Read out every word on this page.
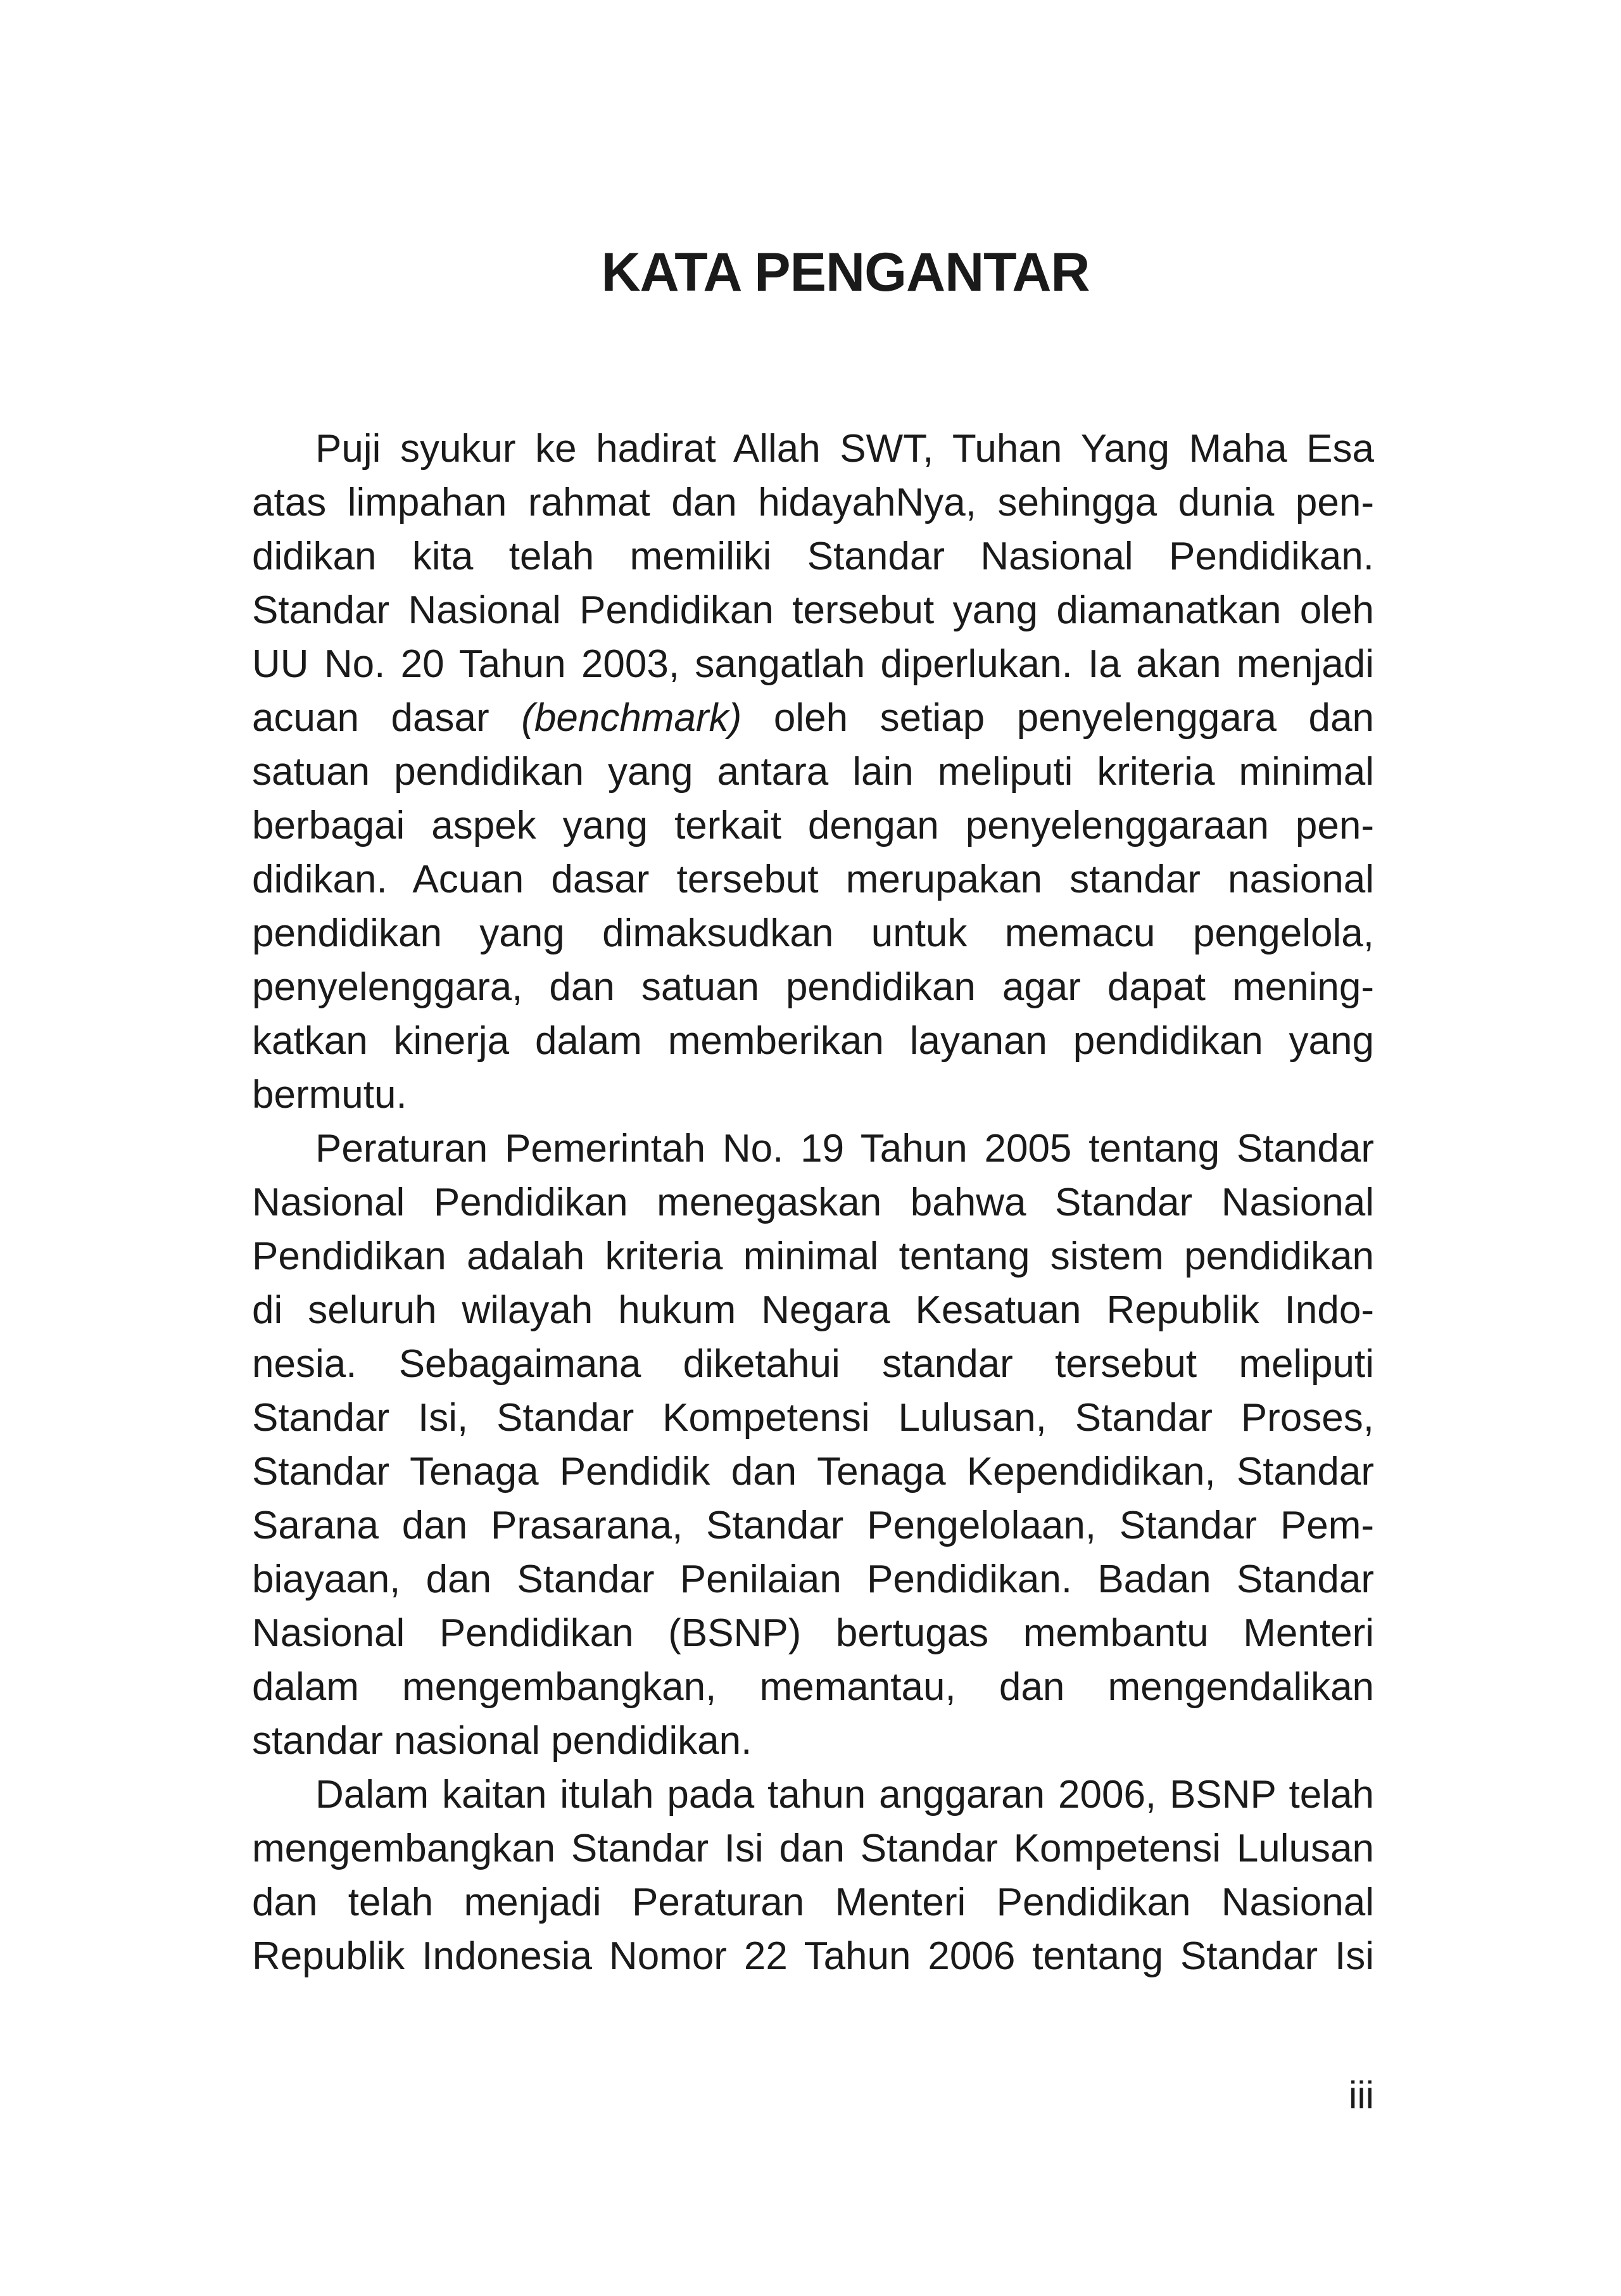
KATA PENGANTAR
Puji syukur ke hadirat Allah SWT, Tuhan Yang Maha Esa
atas limpahan rahmat dan hidayahNya, sehingga dunia pen-
didikan kita telah memiliki Standar Nasional Pendidikan.
Standar Nasional Pendidikan tersebut yang diamanatkan oleh
UU No. 20 Tahun 2003, sangatlah diperlukan. Ia akan menjadi
acuan dasar (benchmark) oleh setiap penyelenggara dan
satuan pendidikan yang antara lain meliputi kriteria minimal
berbagai aspek yang terkait dengan penyelenggaraan pen-
didikan. Acuan dasar tersebut merupakan standar nasional
pendidikan yang dimaksudkan untuk memacu pengelola,
penyelenggara, dan satuan pendidikan agar dapat mening-
katkan kinerja dalam memberikan layanan pendidikan yang
bermutu.
Peraturan Pemerintah No. 19 Tahun 2005 tentang Standar
Nasional Pendidikan menegaskan bahwa Standar Nasional
Pendidikan adalah kriteria minimal tentang sistem pendidikan
di seluruh wilayah hukum Negara Kesatuan Republik Indo-
nesia. Sebagaimana diketahui standar tersebut meliputi
Standar Isi, Standar Kompetensi Lulusan, Standar Proses,
Standar Tenaga Pendidik dan Tenaga Kependidikan, Standar
Sarana dan Prasarana, Standar Pengelolaan, Standar Pem-
biayaan, dan Standar Penilaian Pendidikan. Badan Standar
Nasional Pendidikan (BSNP) bertugas membantu Menteri
dalam mengembangkan, memantau, dan mengendalikan
standar nasional pendidikan.
Dalam kaitan itulah pada tahun anggaran 2006, BSNP telah
mengembangkan Standar Isi dan Standar Kompetensi Lulusan
dan telah menjadi Peraturan Menteri Pendidikan Nasional
Republik Indonesia Nomor 22 Tahun 2006 tentang Standar Isi
iii
